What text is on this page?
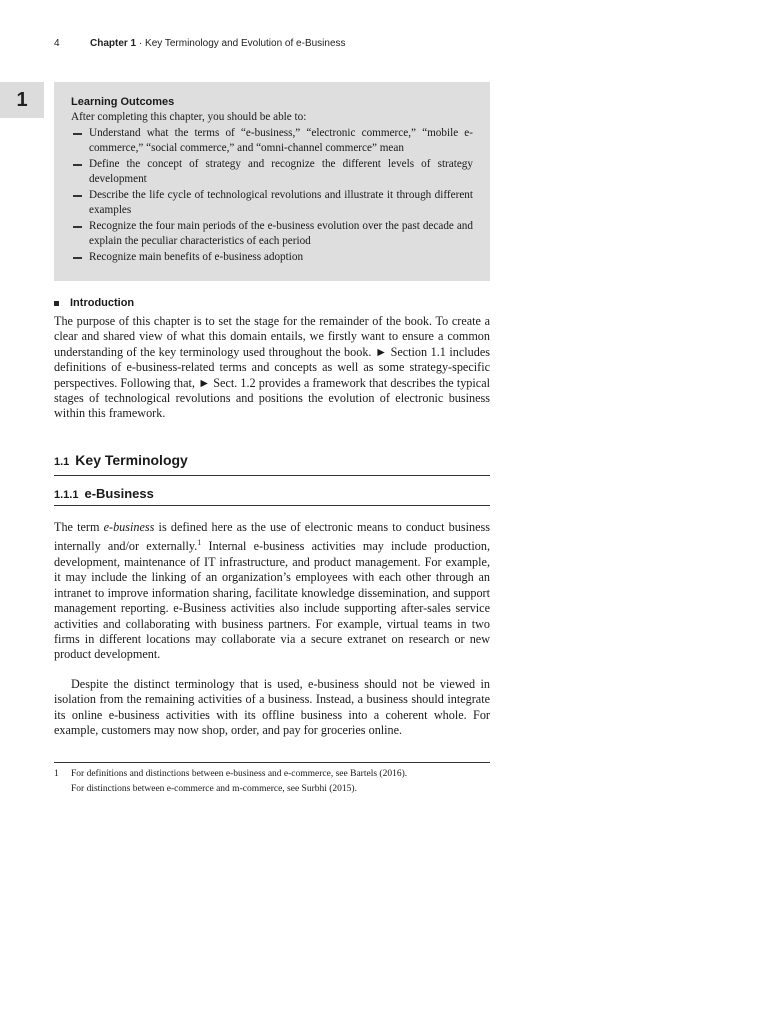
4	Chapter 1 · Key Terminology and Evolution of e-Business
1	Learning Outcomes

After completing this chapter, you should be able to:

Understand what the terms of “e-business,” “electronic commerce,” “mobile e-commerce,” “social commerce,” and “omni-channel commerce” mean
Define the concept of strategy and recognize the different levels of strategy development
Describe the life cycle of technological revolutions and illustrate it through different examples
Recognize the four main periods of the e-business evolution over the past decade and explain the peculiar characteristics of each period
Recognize main benefits of e-business adoption
Introduction

The purpose of this chapter is to set the stage for the remainder of the book. To create a clear and shared view of what this domain entails, we firstly want to ensure a common understanding of the key terminology used throughout the book. ► Section 1.1 includes definitions of e-business-related terms and concepts as well as some strategy-specific perspectives. Following that, ► Sect. 1.2 provides a framework that describes the typical stages of technological revolutions and positions the evolution of electronic business within this framework.

1.1 Key Terminology
1.1.1 e-Business

The term e-business is defined here as the use of electronic means to conduct business internally and/or externally.$^1$ Internal e-business activities may include production, development, maintenance of IT infrastructure, and product management. For example, it may include the linking of an organization’s employees with each other through an intranet to improve information sharing, facilitate knowledge dissemination, and support management reporting. e-Business activities also include supporting after-sales service activities and collaborating with business partners. For example, virtual teams in two firms in different locations may collaborate via a secure extranet on research or new product development.

Despite the distinct terminology that is used, e-business should not be viewed in isolation from the remaining activities of a business. Instead, a business should integrate its online e-business activities with its offline business into a coherent whole. For example, customers may now shop, order, and pay for groceries online.

1 For definitions and distinctions between e-business and e-commerce, see Bartels (2016).
For distinctions between e-commerce and m-commerce, see Surbhi (2015).
